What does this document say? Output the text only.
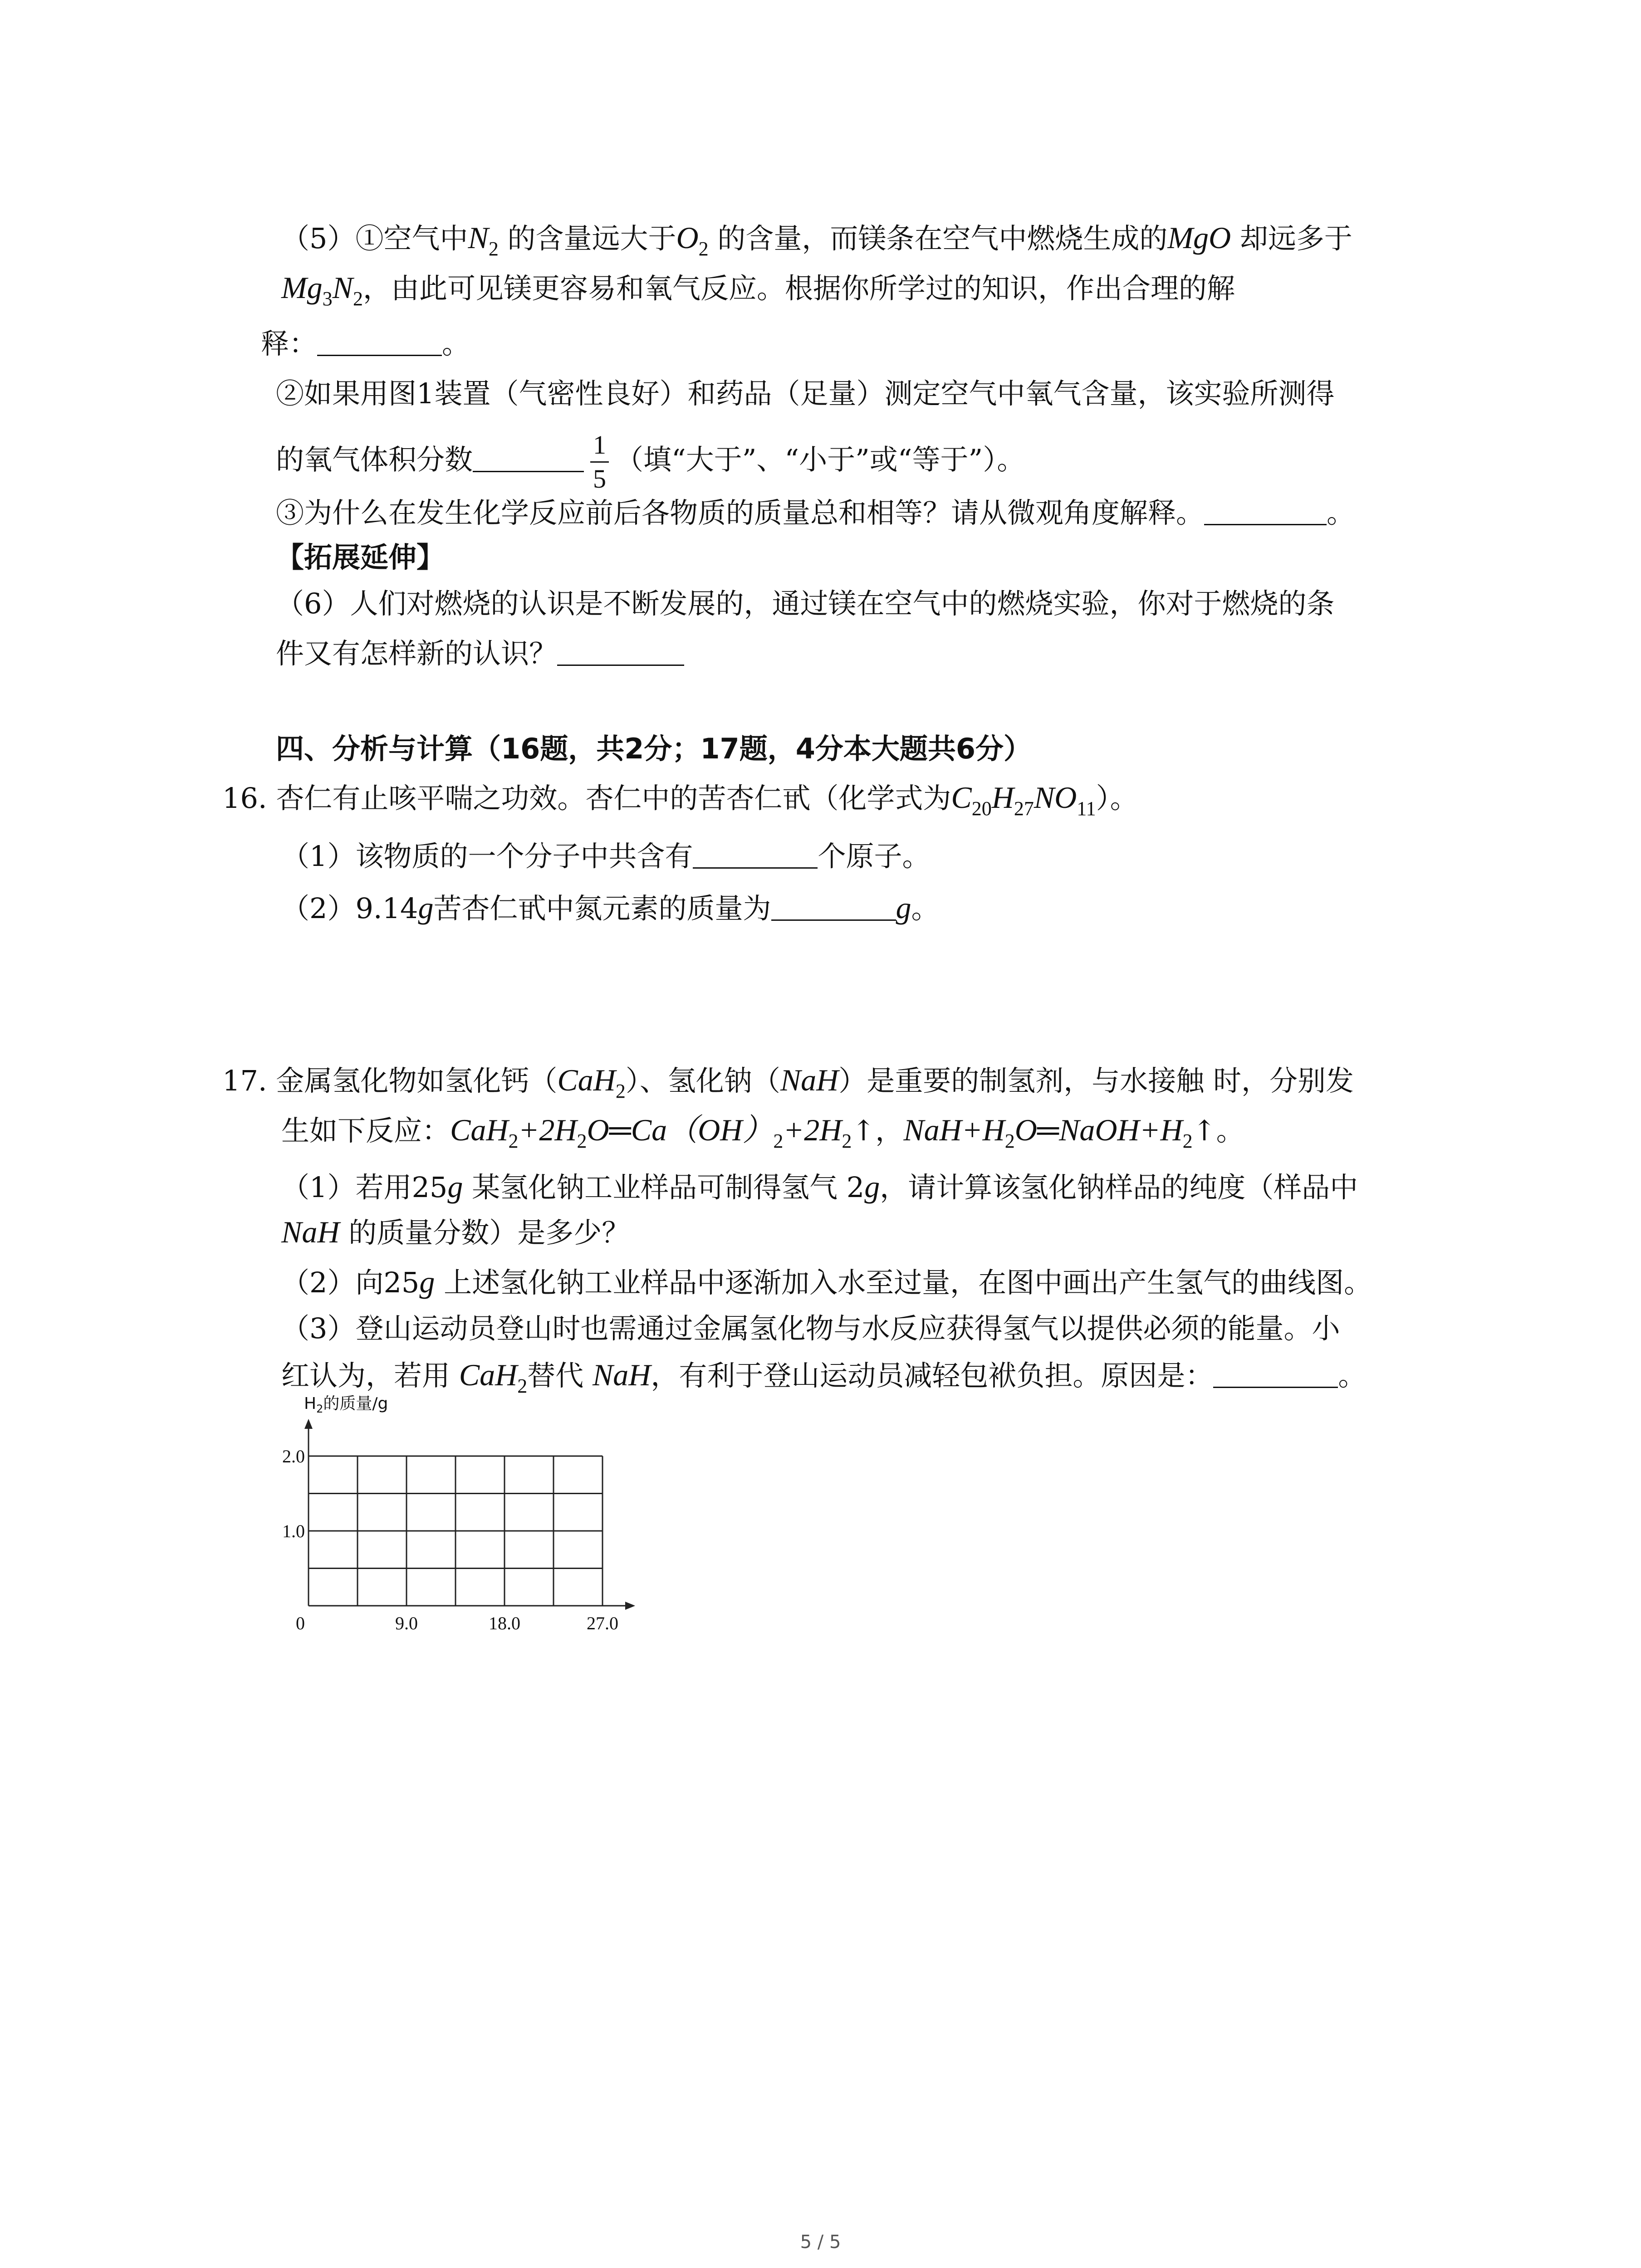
（5）①空气中$N_2$ 的含量远大于$O_2$ 的含量，而镁条在空气中燃烧生成的MgO 却远多于
$Mg_3N_2$，由此可见镁更容易和氧气反应。根据你所学过的知识，作出合理的解
释：	。
②如果用图1装置（气密性良好）和药品（足量）测定空气中氧气含量，该实验所测得
的氧气体积分数	$\frac{1}{5}$ （填“大于”、“小于”或“等于”）。
③为什么在发生化学反应前后各物质的质量总和相等？请从微观角度解释。	。
【拓展延伸】
（6）人们对燃烧的认识是不断发展的，通过镁在空气中的燃烧实验，你对于燃烧的条
件又有怎样新的认识？
四、分析与计算（16题，共2分；17题，4分本大题共6分）
16. 杏仁有止咳平喘之功效。杏仁中的苦杏仁甙（化学式为$C_{20}H_{27}NO_{11}$）。
（1）该物质的一个分子中共含有	个原子。
（2）9.14g苦杏仁甙中氮元素的质量为	g。
17. 金属氢化物如氢化钙（CaH$_2$）、氢化钠（NaH）是重要的制氢剂，与水接触 时，分别发
生如下反应：$CaH_2+2H_2O═Ca(OH)_2+2H_2↑$，$NaH+H_2O═NaOH+H_2↑$。
（1）若用25g 某氢化钠工业样品可制得氢气 2g，请计算该氢化钠样品的纯度（样品中
NaH 的质量分数）是多少？
（2）向25g 上述氢化钠工业样品中逐渐加入水至过量，在图中画出产生氢气的曲线图。
（3）登山运动员登山时也需通过金属氢化物与水反应获得氢气以提供必须的能量。小
红认为，若用 CaH$_2$替代 NaH，有利于登山运动员减轻包袱负担。原因是：	。
$H_2$的质量/g
0	9.0	18.0	27.0
1.0
2.0
5 / 5
